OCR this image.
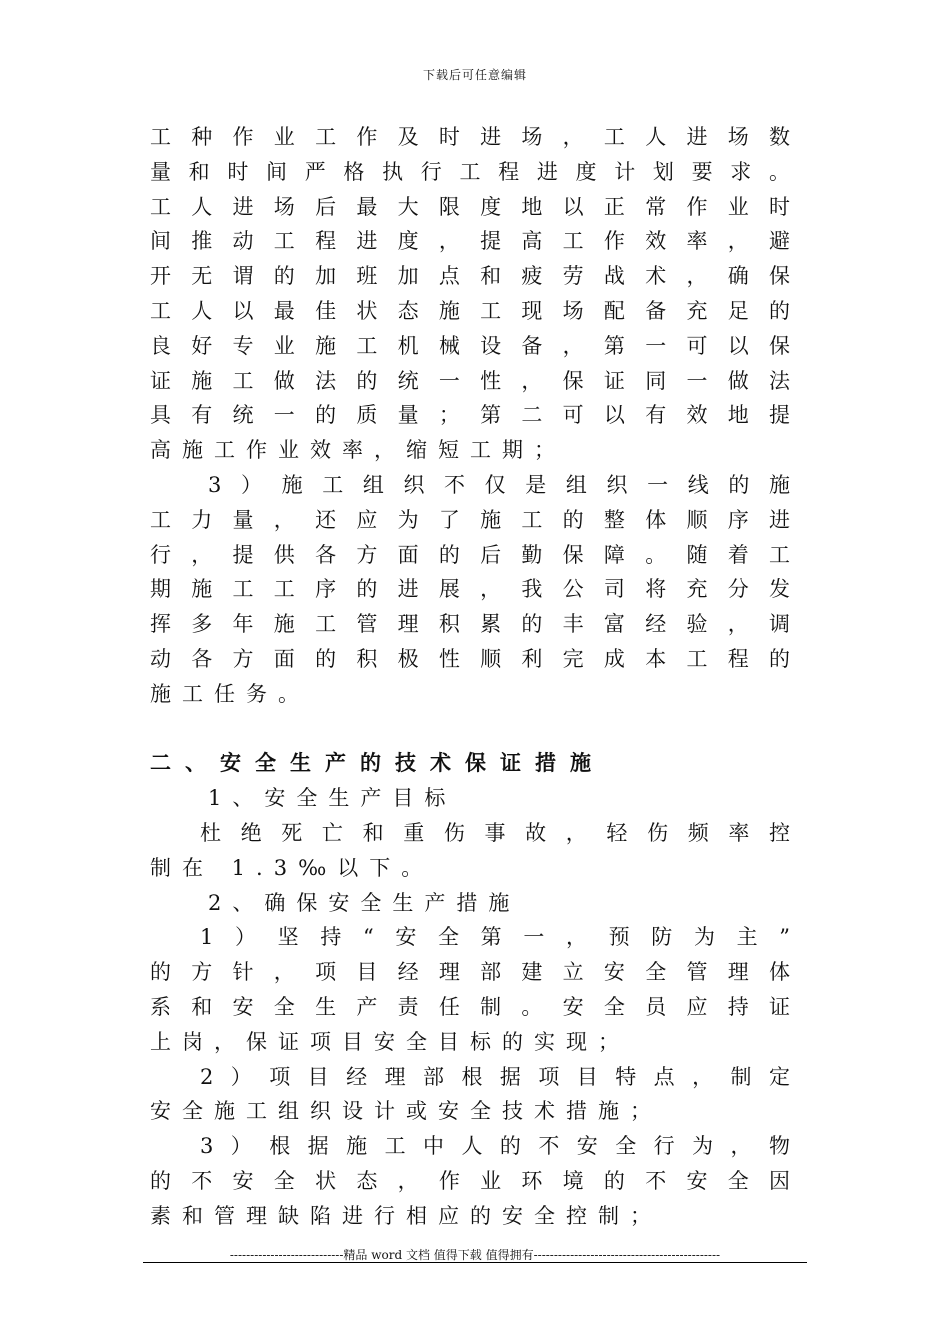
下载后可任意编辑
工种作业工作及时进场，工人进场数
量和时间严格执行工程进度计划要求。
工人进场后最大限度地以正常作业时
间推动工程进度，提高工作效率，避
开无谓的加班加点和疲劳战术，确保
工人以最佳状态施工现场配备充足的
良好专业施工机械设备，第一可以保
证施工做法的统一性，保证同一做法
具有统一的质量；第二可以有效地提
高施工作业效率，缩短工期；
3）施工组织不仅是组织一线的施
工力量，还应为了施工的整体顺序进
行，提供各方面的后勤保障。随着工
期施工工序的进展，我公司将充分发
挥多年施工管理积累的丰富经验，调
动各方面的积极性顺利完成本工程的
施工任务。
二、安全生产的技术保证措施
1、安全生产目标
杜绝死亡和重伤事故，轻伤频率控
制在 1.3‰以下。
2、确保安全生产措施
1）坚持“安全第一，预防为主”
的方针，项目经理部建立安全管理体
系和安全生产责任制。安全员应持证
上岗，保证项目安全目标的实现；
2）项目经理部根据项目特点，制定
安全施工组织设计或安全技术措施；
3）根据施工中人的不安全行为，物
的不安全状态，作业环境的不安全因
素和管理缺陷进行相应的安全控制；
----------------------------精品 word 文档 值得下载 值得拥有----------------------------------------------
